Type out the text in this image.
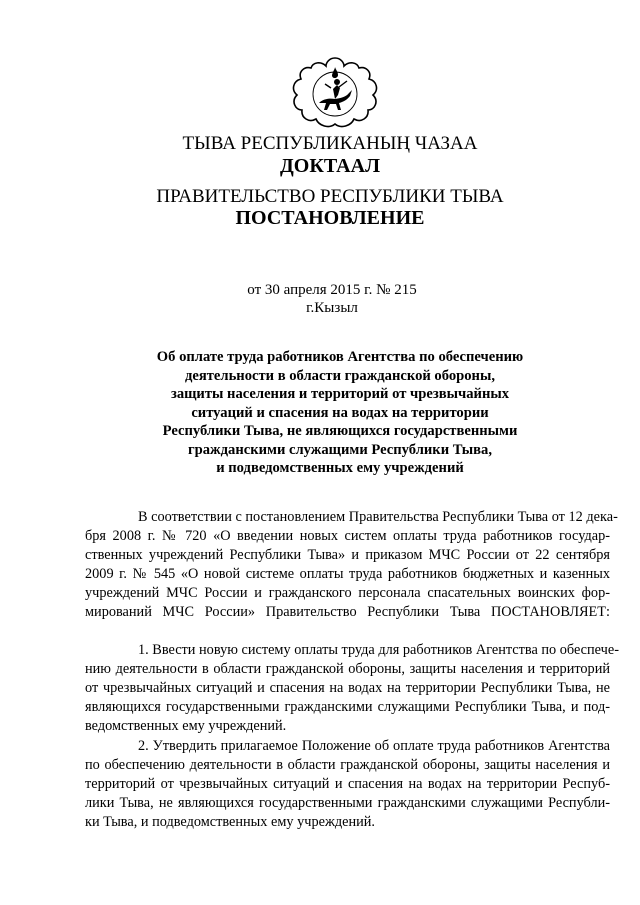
ТЫВА РЕСПУБЛИКАНЫҢ ЧАЗАА
ДОКТААЛ
ПРАВИТЕЛЬСТВО РЕСПУБЛИКИ ТЫВА
ПОСТАНОВЛЕНИЕ
от 30 апреля 2015 г. № 215
г.Кызыл
Об оплате труда работников Агентства по обеспечению
деятельности в области гражданской обороны,
защиты населения и территорий от чрезвычайных
ситуаций и спасения на водах на территории
Республики Тыва, не являющихся государственными
гражданскими служащими Республики Тыва,
и подведомственных ему учреждений
В соответствии с постановлением Правительства Республики Тыва от 12 дека-
бря 2008 г. № 720 «О введении новых систем оплаты труда работников государ-
ственных учреждений Республики Тыва» и приказом МЧС России от 22 сентября
2009 г. № 545 «О новой системе оплаты труда работников бюджетных и казенных
учреждений МЧС России и гражданского персонала спасательных воинских фор-
мирований МЧС России» Правительство Республики Тыва ПОСТАНОВЛЯЕТ:
1. Ввести новую систему оплаты труда для работников Агентства по обеспече-
нию деятельности в области гражданской обороны, защиты населения и территорий
от чрезвычайных ситуаций и спасения на водах на территории Республики Тыва, не
являющихся государственными гражданскими служащими Республики Тыва, и под-
ведомственных ему учреждений.
2. Утвердить прилагаемое Положение об оплате труда работников Агентства
по обеспечению деятельности в области гражданской обороны, защиты населения и
территорий от чрезвычайных ситуаций и спасения на водах на территории Респуб-
лики Тыва, не являющихся государственными гражданскими служащими Республи-
ки Тыва, и подведомственных ему учреждений.
